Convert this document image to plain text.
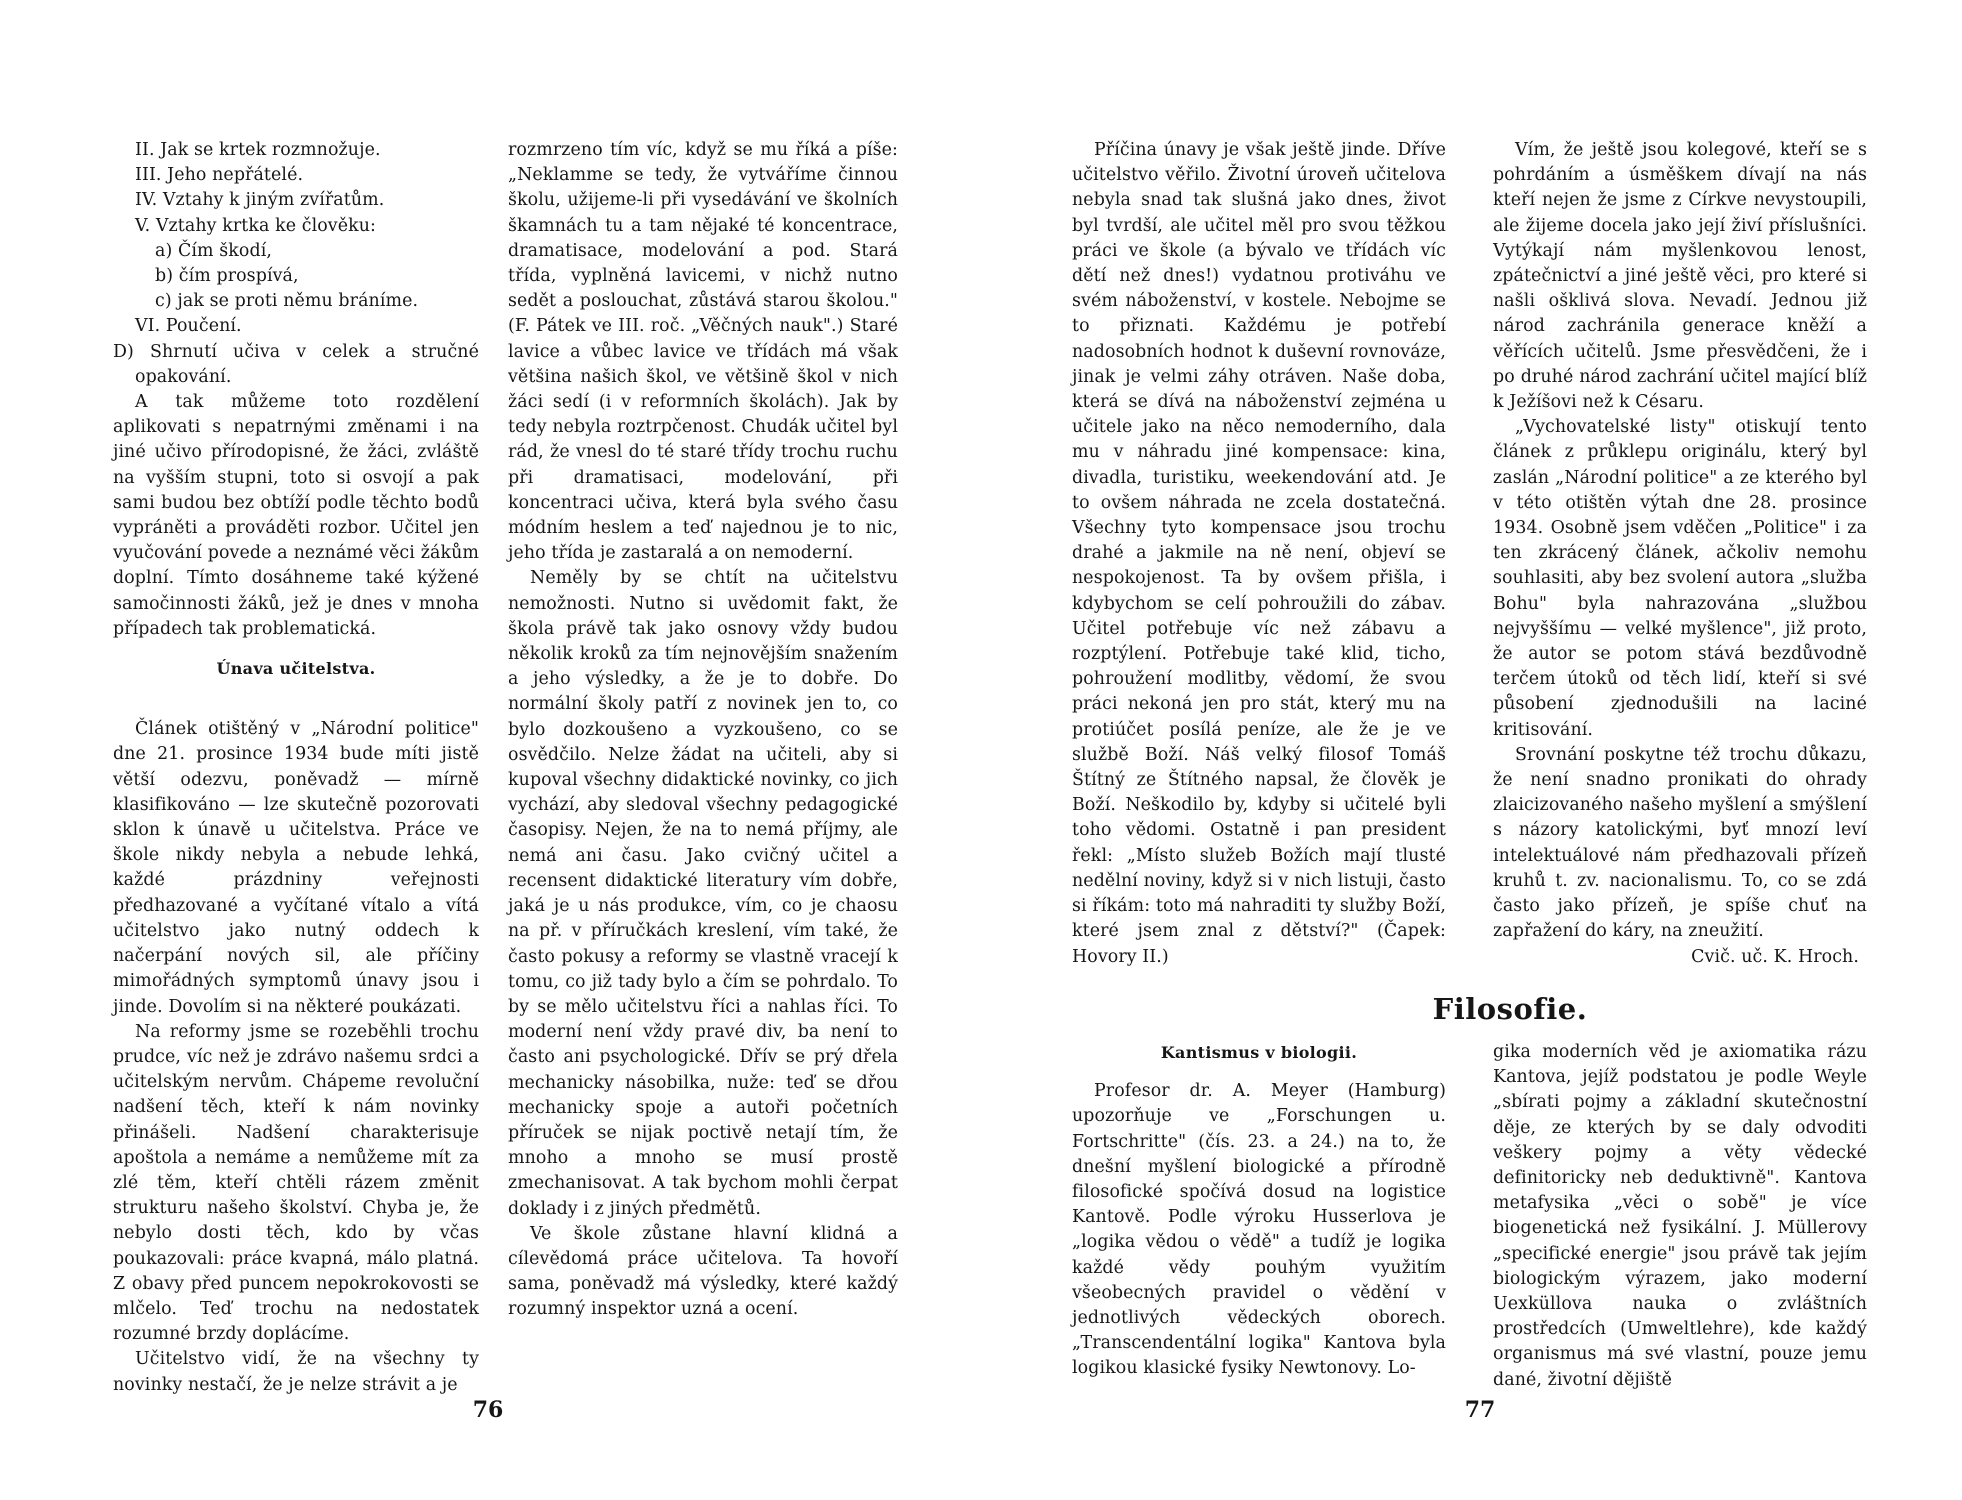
II. Jak se krtek rozmnožuje.
III. Jeho nepřátelé.
IV. Vztahy k jiným zvířatům.
V. Vztahy krtka ke člověku:
a) Čím škodí,
b) čím prospívá,
c) jak se proti němu bráníme.
VI. Poučení.
D) Shrnutí učiva v celek a stručné opakování.

A tak můžeme toto rozdělení aplikovati s nepatrnými změnami i na jiné učivo přírodopisné, že žáci, zvláště na vyšším stupni, toto si osvojí a pak sami budou bez obtíží podle těchto bodů vypráněti a prováděti rozbor. Učitel jen vyučování povede a neznámé věci žákům doplní. Tímto dosáhneme také kýžené samočinnosti žáků, jež je dnes v mnoha případech tak problematická.

Únava učitelstva.

Článek otištěný v „Národní politice" dne 21. prosince 1934 bude míti jistě větší odezvu, poněvadž — mírně klasifikováno — lze skutečně pozorovati sklon k únavě u učitelstva. Práce ve škole nikdy nebyla a nebude lehká, každé prázdniny veřejnosti předhazované a vyčítané vítalo a vítá učitelstvo jako nutný oddech k načerpání nových sil, ale příčiny mimořádných symptomů únavy jsou i jinde. Dovolím si na některé poukázati.

Na reformy jsme se rozeběhli trochu prudce, víc než je zdrávo našemu srdci a učitelským nervům. Chápeme revoluční nadšení těch, kteří k nám novinky přinášeli. Nadšení charakterisuje apoštola a nemáme a nemůžeme mít za zlé těm, kteří chtěli rázem změnit strukturu našeho školství. Chyba je, že nebylo dosti těch, kdo by včas poukazovali: práce kvapná, málo platná. Z obavy před puncem nepokrokovosti se mlčelo. Teď trochu na nedostatek rozumné brzdy doplácíme.

Učitelstvo vidí, že na všechny ty novinky nestačí, že je nelze strávit a je

rozmrzeno tím víc, když se mu říká a píše: „Neklamme se tedy, že vytváříme činnou školu, užijeme-li při vysedávání ve školních škamnách tu a tam nějaké té koncentrace, dramatisace, modelování a pod. Stará třída, vyplněná lavicemi, v nichž nutno sedět a poslouchat, zůstává starou školou." (F. Pátek ve III. roč. „Věčných nauk".) Staré lavice a vůbec lavice ve třídách má však většina našich škol, ve většině škol v nich žáci sedí (i v reformních školách). Jak by tedy nebyla roztrpčenost. Chudák učitel byl rád, že vnesl do té staré třídy trochu ruchu při dramatisaci, modelování, při koncentraci učiva, která byla svého času módním heslem a teď najednou je to nic, jeho třída je zastaralá a on nemoderní.

Neměly by se chtít na učitelstvu nemožnosti. Nutno si uvědomit fakt, že škola právě tak jako osnovy vždy budou několik kroků za tím nejnovějším snažením a jeho výsledky, a že je to dobře. Do normální školy patří z novinek jen to, co bylo dozkoušeno a vyzkoušeno, co se osvědčilo. Nelze žádat na učiteli, aby si kupoval všechny didaktické novinky, co jich vychází, aby sledoval všechny pedagogické časopisy. Nejen, že na to nemá příjmy, ale nemá ani času. Jako cvičný učitel a recensent didaktické literatury vím dobře, jaká je u nás produkce, vím, co je chaosu na př. v příručkách kreslení, vím také, že často pokusy a reformy se vlastně vracejí k tomu, co již tady bylo a čím se pohrdalo. To by se mělo učitelstvu říci a nahlas říci. To moderní není vždy pravé div, ba není to často ani psychologické. Dřív se prý dřela mechanicky násobilka, nuže: teď se dřou mechanicky spoje a autoři početních příruček se nijak poctivě netají tím, že mnoho a mnoho se musí prostě zmechanisovat. A tak bychom mohli čerpat doklady i z jiných předmětů.

Ve škole zůstane hlavní klidná a cílevědomá práce učitelova. Ta hovoří sama, poněvadž má výsledky, které každý rozumný inspektor uzná a ocení.

76

Příčina únavy je však ještě jinde. Dříve učitelstvo věřilo. Životní úroveň učitelova nebyla snad tak slušná jako dnes, život byl tvrdší, ale učitel měl pro svou těžkou práci ve škole (a bývalo ve třídách víc dětí než dnes!) vydatnou protiváhu ve svém náboženství, v kostele. Nebojme se to přiznati. Každému je potřebí nadosobních hodnot k duševní rovnováze, jinak je velmi záhy otráven. Naše doba, která se dívá na náboženství zejména u učitele jako na něco nemoderního, dala mu v náhradu jiné kompensace: kina, divadla, turistiku, weekendování atd. Je to ovšem náhrada ne zcela dostatečná. Všechny tyto kompensace jsou trochu drahé a jakmile na ně není, objeví se nespokojenost. Ta by ovšem přišla, i kdybychom se celí pohroužili do zábav. Učitel potřebuje víc než zábavu a rozptýlení. Potřebuje také klid, ticho, pohroužení modlitby, vědomí, že svou práci nekoná jen pro stát, který mu na protiúčet posílá peníze, ale že je ve službě Boží. Náš velký filosof Tomáš Štítný ze Štítného napsal, že člověk je Boží. Neškodilo by, kdyby si učitelé byli toho vědomi. Ostatně i pan president řekl: „Místo služeb Božích mají tlusté nedělní noviny, když si v nich listuji, často si říkám: toto má nahraditi ty služby Boží, které jsem znal z dětství?" (Čapek: Hovory II.)

Vím, že ještě jsou kolegové, kteří se s pohrdáním a úsměškem dívají na nás kteří nejen že jsme z Církve nevystoupili, ale žijeme docela jako její živí příslušníci. Vytýkají nám myšlenkovou lenost, zpátečnictví a jiné ještě věci, pro které si našli ošklivá slova. Nevadí. Jednou již národ zachránila generace kněží a věřících učitelů. Jsme přesvědčeni, že i po druhé národ zachrání učitel mající blíž k Ježíšovi než k Césaru.

„Vychovatelské listy" otiskují tento článek z průklepu originálu, který byl zaslán „Národní politice" a ze kterého byl v této otištěn výtah dne 28. prosince 1934. Osobně jsem vděčen „Politice" i za ten zkrácený článek, ačkoliv nemohu souhlasiti, aby bez svolení autora „služba Bohu" byla nahrazována „službou nejvyššímu — velké myšlence", již proto, že autor se potom stává bezdůvodně terčem útoků od těch lidí, kteří si své působení zjednodušili na laciné kritisování.

Srovnání poskytne též trochu důkazu, že není snadno pronikati do ohrady zlaicizovaného našeho myšlení a smýšlení s názory katolickými, byť mnozí leví intelektuálové nám předhazovali přízeň kruhů t. zv. nacionalismu. To, co se zdá často jako přízeň, je spíše chuť na zapřažení do káry, na zneužití.

Cvič. uč. K. Hroch.

Filosofie.

Kantismus v biologii.

Profesor dr. A. Meyer (Hamburg) upozorňuje ve „Forschungen u. Fortschritte" (čís. 23. a 24.) na to, že dnešní myšlení biologické a přírodně filosofické spočívá dosud na logistice Kantově. Podle výroku Husserlova je „logika vědou o vědě" a tudíž je logika každé vědy pouhým využitím všeobecných pravidel o vědění v jednotlivých vědeckých oborech. „Transcendentální logika" Kantova byla logikou klasické fysiky Newtonovy. Lo-

gika moderních věd je axiomatika rázu Kantova, jejíž podstatou je podle Weyle „sbírati pojmy a základní skutečnostní děje, ze kterých by se daly odvoditi veškery pojmy a věty vědecké definitoricky neb deduktivně". Kantova metafysika „věci o sobě" je více biogenetická než fysikální. J. Müllerovy „specifické energie" jsou právě tak jejím biologickým výrazem, jako moderní Uexküllova nauka o zvláštních prostředcích (Umweltlehre), kde každý organismus má své vlastní, pouze jemu dané, životní dějiště

77
